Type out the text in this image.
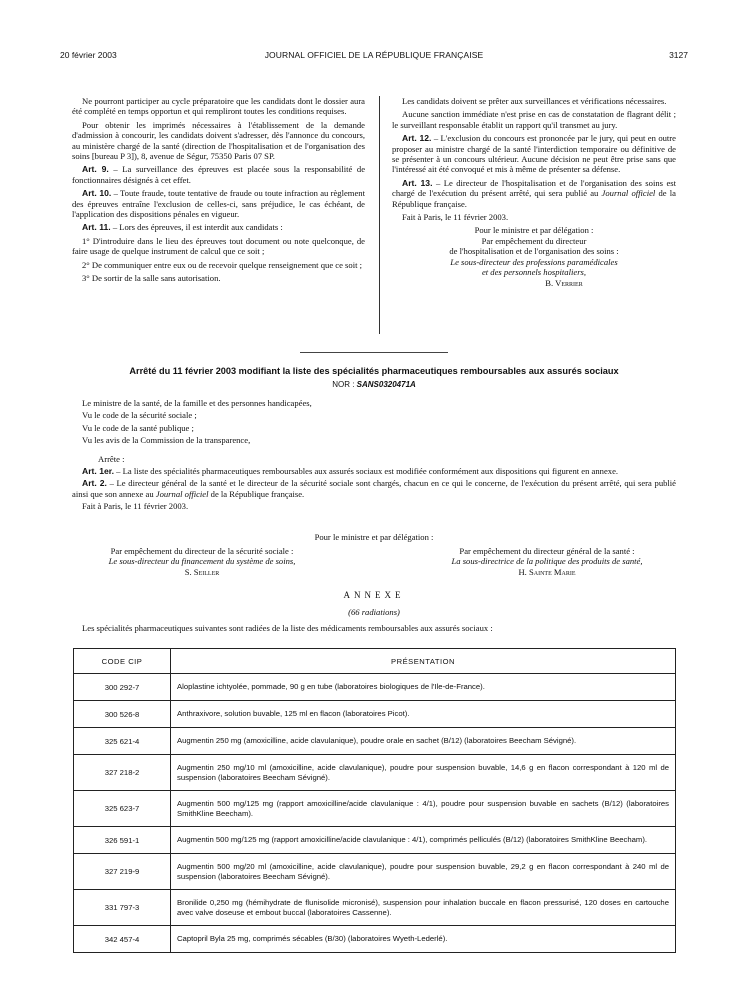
20 février 2003	JOURNAL OFFICIEL DE LA RÉPUBLIQUE FRANÇAISE	3127

Ne pourront participer au cycle préparatoire que les candidats dont le dossier aura été complété en temps opportun et qui rempliront toutes les conditions requises.

Pour obtenir les imprimés nécessaires à l'établissement de la demande d'admission à concourir, les candidats doivent s'adresser, dès l'annonce du concours, au ministère chargé de la santé (direction de l'hospitalisation et de l'organisation des soins [bureau P 3]), 8, avenue de Ségur, 75350 Paris 07 SP.

Art. 9. – La surveillance des épreuves est placée sous la responsabilité de fonctionnaires désignés à cet effet.

Art. 10. – Toute fraude, toute tentative de fraude ou toute infraction au règlement des épreuves entraîne l'exclusion de celles-ci, sans préjudice, le cas échéant, de l'application des dispositions pénales en vigueur.

Art. 11. – Lors des épreuves, il est interdit aux candidats :

1° D'introduire dans le lieu des épreuves tout document ou note quelconque, de faire usage de quelque instrument de calcul que ce soit ;

2° De communiquer entre eux ou de recevoir quelque renseignement que ce soit ;

3° De sortir de la salle sans autorisation.

Les candidats doivent se prêter aux surveillances et vérifications nécessaires.

Aucune sanction immédiate n'est prise en cas de constatation de flagrant délit ; le surveillant responsable établit un rapport qu'il transmet au jury.

Art. 12. – L'exclusion du concours est prononcée par le jury, qui peut en outre proposer au ministre chargé de la santé l'interdiction temporaire ou définitive de se présenter à un concours ultérieur. Aucune décision ne peut être prise sans que l'intéressé ait été convoqué et mis à même de présenter sa défense.

Art. 13. – Le directeur de l'hospitalisation et de l'organisation des soins est chargé de l'exécution du présent arrêté, qui sera publié au Journal officiel de la République française.

Fait à Paris, le 11 février 2003.

Pour le ministre et par délégation :
Par empêchement du directeur
de l'hospitalisation et de l'organisation des soins :
Le sous-directeur des professions paramédicales
et des personnels hospitaliers,
B. Verrier
Arrêté du 11 février 2003 modifiant la liste des spécialités pharmaceutiques remboursables aux assurés sociaux
NOR : SANS0320471A

Le ministre de la santé, de la famille et des personnes handicapées,

Vu le code de la sécurité sociale ;

Vu le code de la santé publique ;

Vu les avis de la Commission de la transparence,

Arrête :

Art. 1er. – La liste des spécialités pharmaceutiques remboursables aux assurés sociaux est modifiée conformément aux dispositions qui figurent en annexe.

Art. 2. – Le directeur général de la santé et le directeur de la sécurité sociale sont chargés, chacun en ce qui le concerne, de l'exécution du présent arrêté, qui sera publié ainsi que son annexe au Journal officiel de la République française.

Fait à Paris, le 11 février 2003.

Pour le ministre et par délégation :
Par empêchement du directeur de la sécurité sociale :
Le sous-directeur du financement du système de soins,
S. Seiller
Par empêchement du directeur général de la santé :
La sous-directrice de la politique des produits de santé,
H. Sainte Marie
ANNEXE
(66 radiations)
Les spécialités pharmaceutiques suivantes sont radiées de la liste des médicaments remboursables aux assurés sociaux :
CODE CIP	PRÉSENTATION
300 292-7	Aloplastine ichtyolée, pommade, 90 g en tube (laboratoires biologiques de l'Ile-de-France).
300 526-8	Anthraxivore, solution buvable, 125 ml en flacon (laboratoires Picot).
325 621-4	Augmentin 250 mg (amoxicilline, acide clavulanique), poudre orale en sachet (B/12) (laboratoires Beecham Sévigné).
327 218-2	Augmentin 250 mg/10 ml (amoxicilline, acide clavulanique), poudre pour suspension buvable, 14,6 g en flacon correspondant à 120 ml de suspension (laboratoires Beecham Sévigné).
325 623-7	Augmentin 500 mg/125 mg (rapport amoxicilline/acide clavulanique : 4/1), poudre pour suspension buvable en sachets (B/12) (laboratoires SmithKline Beecham).
326 591-1	Augmentin 500 mg/125 mg (rapport amoxicilline/acide clavulanique : 4/1), comprimés pelliculés (B/12) (laboratoires SmithKline Beecham).
327 219-9	Augmentin 500 mg/20 ml (amoxicilline, acide clavulanique), poudre pour suspension buvable, 29,2 g en flacon correspondant à 240 ml de suspension (laboratoires Beecham Sévigné).
331 797-3	Bronilide 0,250 mg (hémihydrate de flunisolide micronisé), suspension pour inhalation buccale en flacon pressurisé, 120 doses en cartouche avec valve doseuse et embout buccal (laboratoires Cassenne).
342 457-4	Captopril Byla 25 mg, comprimés sécables (B/30) (laboratoires Wyeth-Lederlé).
